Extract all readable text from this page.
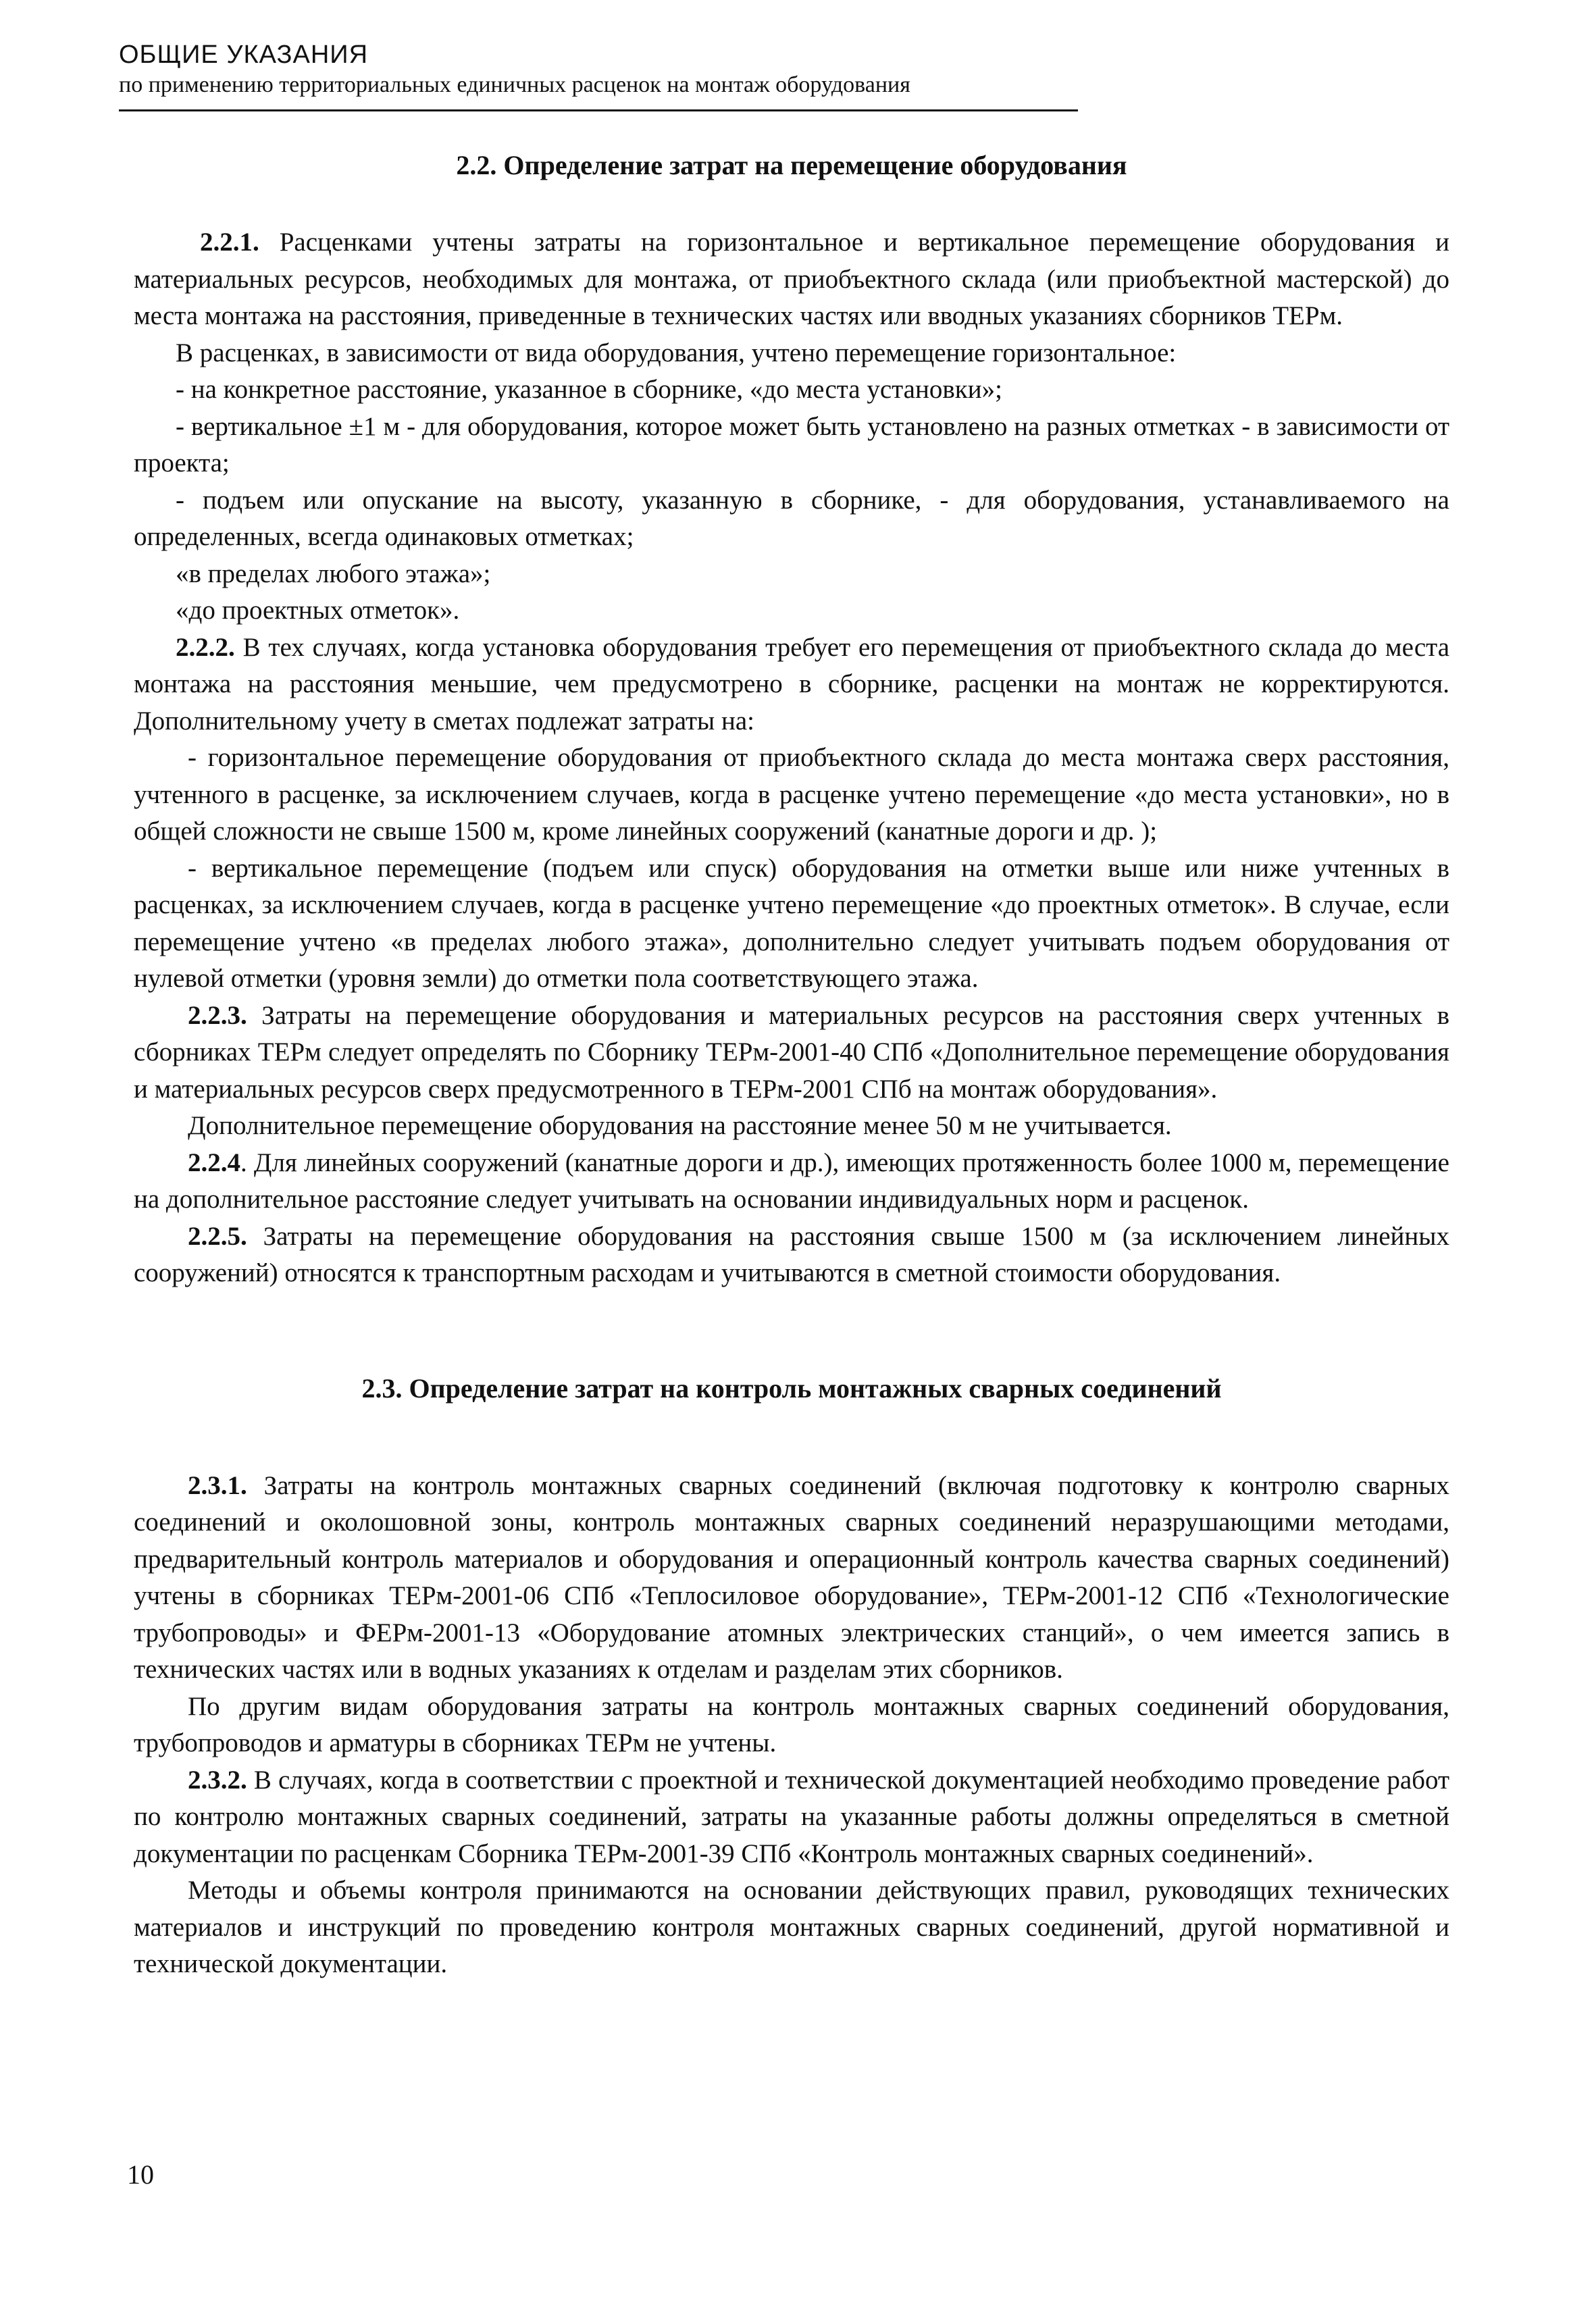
ОБЩИЕ УКАЗАНИЯ
по применению территориальных единичных расценок на монтаж оборудования

2.2. Определение затрат на перемещение оборудования

2.2.1. Расценками учтены затраты на горизонтальное и вертикальное перемещение оборудования и материальных ресурсов, необходимых для монтажа, от приобъектного склада (или приобъектной мастерской) до места монтажа на расстояния, приведенные в технических частях или вводных указаниях сборников ТЕРм.

В расценках, в зависимости от вида оборудования, учтено перемещение горизонтальное:

- на конкретное расстояние, указанное в сборнике, «до места установки»;

- вертикальное ±1 м - для оборудования, которое может быть установлено на разных отметках - в зависимости от проекта;

- подъем или опускание на высоту, указанную в сборнике, - для оборудования, устанавливаемого на определенных, всегда одинаковых отметках;

«в пределах любого этажа»;

«до проектных отметок».

2.2.2. В тех случаях, когда установка оборудования требует его перемещения от приобъектного склада до места монтажа на расстояния меньшие, чем предусмотрено в сборнике, расценки на монтаж не корректируются. Дополнительному учету в сметах подлежат затраты на:

- горизонтальное перемещение оборудования от приобъектного склада до места монтажа сверх расстояния, учтенного в расценке, за исключением случаев, когда в расценке учтено перемещение «до места установки», но в общей сложности не свыше 1500 м, кроме линейных сооружений (канатные дороги и др. );

- вертикальное перемещение (подъем или спуск) оборудования на отметки выше или ниже учтенных в расценках, за исключением случаев, когда в расценке учтено перемещение «до проектных отметок». В случае, если перемещение учтено «в пределах любого этажа», дополнительно следует учитывать подъем оборудования от нулевой отметки (уровня земли) до отметки пола соответствующего этажа.

2.2.3. Затраты на перемещение оборудования и материальных ресурсов на расстояния сверх учтенных в сборниках ТЕРм следует определять по Сборнику ТЕРм-2001-40 СПб «Дополнительное перемещение оборудования и материальных ресурсов сверх предусмотренного в ТЕРм-2001 СПб на монтаж оборудования».

Дополнительное перемещение оборудования на расстояние менее 50 м не учитывается.

2.2.4. Для линейных сооружений (канатные дороги и др.), имеющих протяженность более 1000 м, перемещение на дополнительное расстояние следует учитывать на основании индивидуальных норм и расценок.

2.2.5. Затраты на перемещение оборудования на расстояния свыше 1500 м (за исключением линейных сооружений) относятся к транспортным расходам и учитываются в сметной стоимости оборудования.

2.3. Определение затрат на контроль монтажных сварных соединений

2.3.1. Затраты на контроль монтажных сварных соединений (включая подготовку к контролю сварных соединений и околошовной зоны, контроль монтажных сварных соединений неразрушающими методами, предварительный контроль материалов и оборудования и операционный контроль качества сварных соединений) учтены в сборниках ТЕРм-2001-06 СПб «Теплосиловое оборудование», ТЕРм-2001-12 СПб «Технологические трубопроводы» и ФЕРм-2001-13 «Оборудование атомных электрических станций», о чем имеется запись в технических частях или в водных указаниях к отделам и разделам этих сборников.

По другим видам оборудования затраты на контроль монтажных сварных соединений оборудования, трубопроводов и арматуры в сборниках ТЕРм не учтены.

2.3.2. В случаях, когда в соответствии с проектной и технической документацией необходимо проведение работ по контролю монтажных сварных соединений, затраты на указанные работы должны определяться в сметной документации по расценкам Сборника ТЕРм-2001-39 СПб «Контроль монтажных сварных соединений».

Методы и объемы контроля принимаются на основании действующих правил, руководящих технических материалов и инструкций по проведению контроля монтажных сварных соединений, другой нормативной и технической документации.

10
